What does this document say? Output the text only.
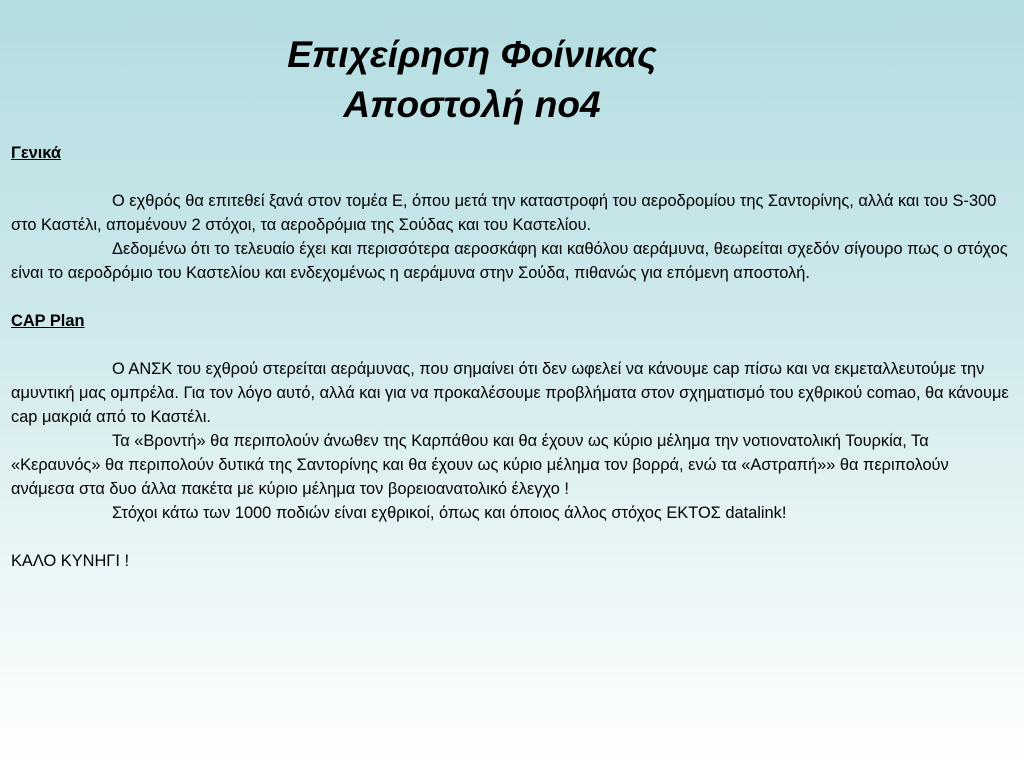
Επιχείρηση Φοίνικας
Αποστολή no4

Γενικά

Ο εχθρός θα επιτεθεί ξανά στον τομέα Ε, όπου μετά την καταστροφή του αεροδρομίου της Σαντορίνης, αλλά και του S-300 στο Καστέλι, απομένουν 2 στόχοι, τα αεροδρόμια της Σούδας και του Καστελίου.

Δεδομένω ότι το τελευαίο έχει και περισσότερα αεροσκάφη και καθόλου αεράμυνα, θεωρείται σχεδόν σίγουρο πως ο στόχος είναι το αεροδρόμιο του Καστελίου και ενδεχομένως η αεράμυνα στην Σούδα, πιθανώς για επόμενη αποστολή.

CAP Plan

Ο ΑΝΣΚ του εχθρού στερείται αεράμυνας, που σημαίνει ότι δεν ωφελεί να κάνουμε cap πίσω και να εκμεταλλευτούμε την αμυντική μας ομπρέλα. Για τον λόγο αυτό, αλλά και για να προκαλέσουμε προβλήματα στον σχηματισμό του εχθρικού comao, θα κάνουμε cap μακριά από το Καστέλι.

Τα «Βροντή» θα περιπολούν άνωθεν της Καρπάθου και θα έχουν ως κύριο μέλημα την νοτιονατολική Τουρκία, Τα «Κεραυνός» θα περιπολούν δυτικά της Σαντορίνης και θα έχουν ως κύριο μέλημα τον βορρά, ενώ τα «Αστραπή»» θα περιπολούν ανάμεσα στα δυο άλλα πακέτα με κύριο μέλημα τον βορειοανατολικό έλεγχο !

Στόχοι κάτω των 1000 ποδιών είναι εχθρικοί, όπως και όποιος άλλος στόχος ΕΚΤΟΣ datalink!

ΚΑΛΟ ΚΥΝΗΓΙ !
